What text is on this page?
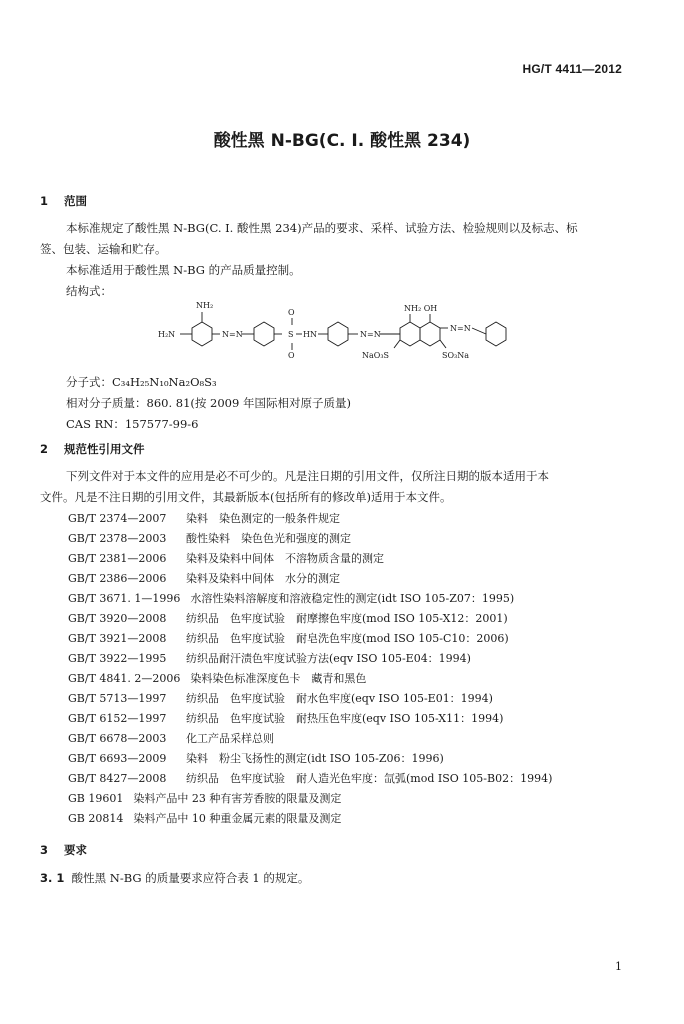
HG/T 4411—2012
酸性黑 N-BG(C. I. 酸性黑 234)
1 范围
本标准规定了酸性黑 N-BG(C. I. 酸性黑 234)产品的要求、采样、试验方法、检验规则以及标志、标
签、包装、运输和贮存。
本标准适用于酸性黑 N-BG 的产品质量控制。
结构式：
NH₂
H₂N	N=N
O
S
O
HN	N=N
NH₂ OH
N=N
NaO₃S	SO₃Na
分子式：C₃₄H₂₅N₁₀Na₂O₈S₃
相对分子质量：860. 81(按 2009 年国际相对原子质量)
CAS RN：157577-99-6
2 规范性引用文件
下列文件对于本文件的应用是必不可少的。凡是注日期的引用文件，仅所注日期的版本适用于本
文件。凡是不注日期的引用文件，其最新版本(包括所有的修改单)适用于本文件。
GB/T 2374—2007 染料　染色测定的一般条件规定
GB/T 2378—2003 酸性染料　染色色光和强度的测定
GB/T 2381—2006 染料及染料中间体　不溶物质含量的测定
GB/T 2386—2006 染料及染料中间体　水分的测定
GB/T 3671. 1—1996 水溶性染料溶解度和溶液稳定性的测定(idt ISO 105-Z07：1995)
GB/T 3920—2008 纺织品　色牢度试验　耐摩擦色牢度(mod ISO 105-X12：2001)
GB/T 3921—2008 纺织品　色牢度试验　耐皂洗色牢度(mod ISO 105-C10：2006)
GB/T 3922—1995 纺织品耐汗渍色牢度试验方法(eqv ISO 105-E04：1994)
GB/T 4841. 2—2006 染料染色标准深度色卡　藏青和黑色
GB/T 5713—1997 纺织品　色牢度试验　耐水色牢度(eqv ISO 105-E01：1994)
GB/T 6152—1997 纺织品　色牢度试验　耐热压色牢度(eqv ISO 105-X11：1994)
GB/T 6678—2003 化工产品采样总则
GB/T 6693—2009 染料　粉尘飞扬性的测定(idt ISO 105-Z06：1996)
GB/T 8427—2008 纺织品　色牢度试验　耐人造光色牢度：氙弧(mod ISO 105-B02：1994)
GB 19601 染料产品中 23 种有害芳香胺的限量及测定
GB 20814 染料产品中 10 种重金属元素的限量及测定
3 要求
3. 1 酸性黑 N-BG 的质量要求应符合表 1 的规定。
1
